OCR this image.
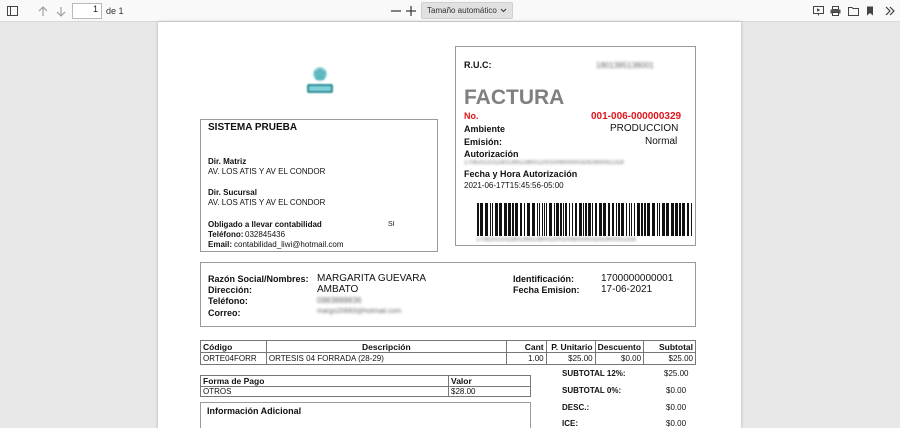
1 de 1	Tamaño automático
SISTEMA PRUEBA
Dir. Matriz
AV. LOS ATIS Y AV EL CONDOR
Dir. Sucursal
AV. LOS ATIS Y AV EL CONDOR
Obligado a llevar contabilidad	SI
Teléfono: 032845436
Email: contabilidad_liwi@hotmail.com
R.U.C:	1801385138001
FACTURA
No.	001-006-000000329
Ambiente	PRODUCCION
Emisión:	Normal
Autorización
170620210118013951380012001006000003292900051318
Fecha y Hora Autorización
2021-06-17T15:45:56-05:00
170620210118013951380012001006000003292900051318
Razón Social/Nombres: MARGARITA GUEVARA
Dirección:	AMBATO
Teléfono:	0983888836
Correo:	margo20683@hotmail.com
Identificación:	1700000000001
Fecha Emision: 17-06-2021
Código	Descripción	Cant	P. Unitario	Descuento	Subtotal
ORTE04FORR	ORTESIS 04 FORRADA (28-29)	1.00	$25.00	$0.00	$25.00
Forma de Pago	Valor
OTROS	$28.00
Información Adicional
SUBTOTAL 12%:	$25.00
SUBTOTAL 0%:	$0.00
DESC.:	$0.00
ICE:	$0.00
